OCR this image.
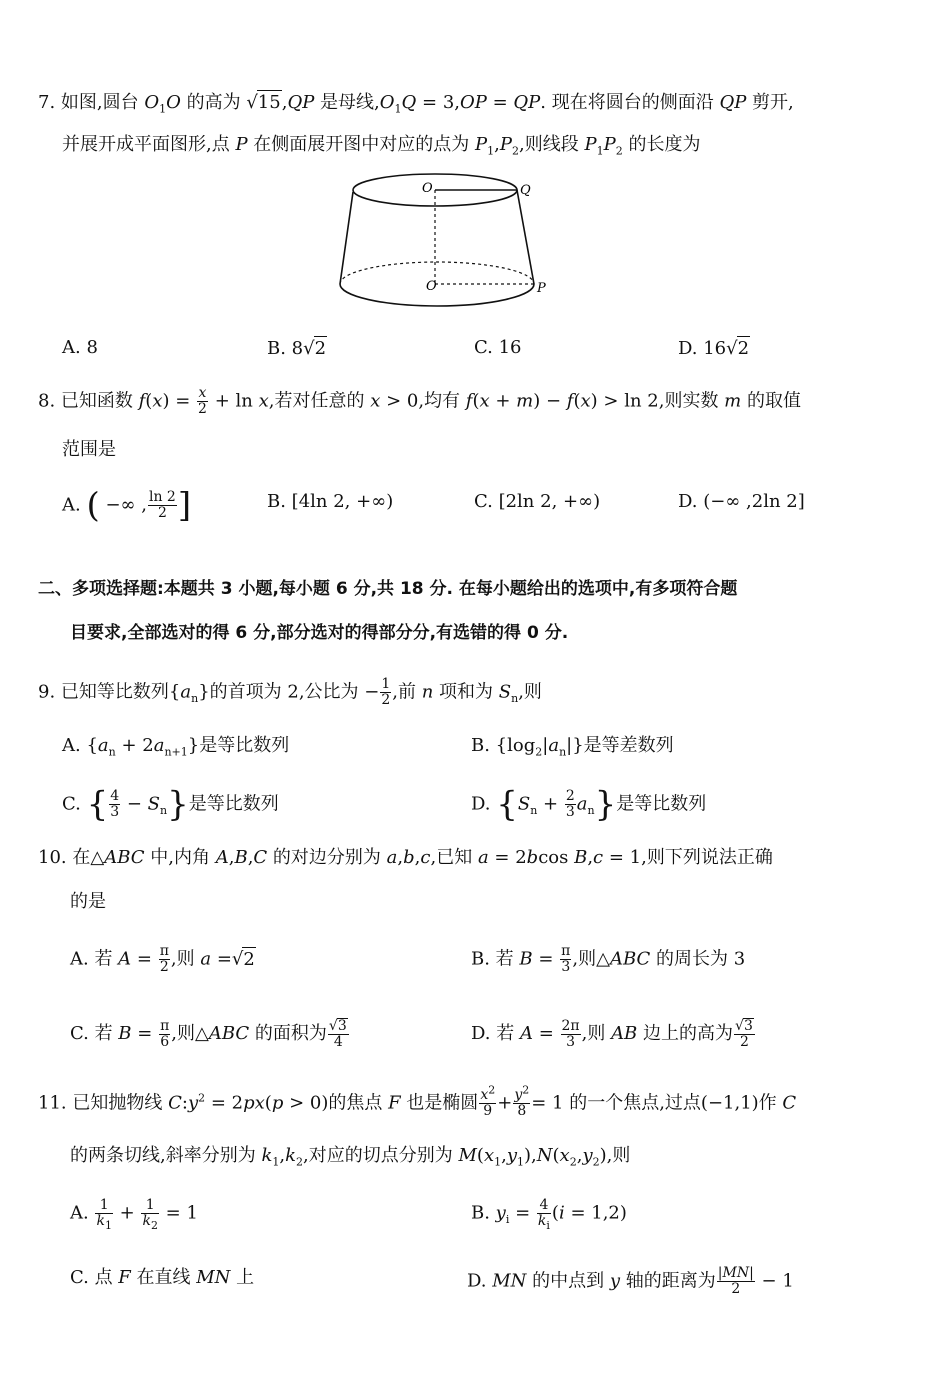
7. 如图,圆台 $O_1O$ 的高为 √15,QP 是母线$,O_1Q = 3,OP$ = QP. 现在将圆台的侧面沿 QP 剪开,
并展开成平面图形,点 P 在侧面展开图中对应的点为 $P_1,P_2$,则线段 $P_1P_2$ 的长度为
O	Q
O	P
A. 8	B. 8√2	C. 16	D. 16√2
8. 已知函数 $f(x) = \frac{x}{2} + \ln x$,若对任意的 x > 0,均有 f(x + m) − f(x) > ln 2,则实数 m 的取值
范围是
A. ( −∞ , $\frac{\ln 2}{2}$ ]	B. [4ln 2, +∞)	C. [2ln 2, +∞)	D. (−∞ ,2ln 2]
二、多项选择题:本题共 3 小题,每小题 6 分,共 18 分. 在每小题给出的选项中,有多项符合题
目要求,全部选对的得 6 分,部分选对的得部分分,有选错的得 0 分.
9. 已知等比数列$\{a_n\}$的首项为 2,公比为 − $\frac{1}{2}$ ,前 n 项和为 $S_n$,则
A. $\{a_n + 2a_{n+1}\}$是等比数列	B. $\{\log_2|a_n|\}$是等差数列
C. { $\frac{4}{3} - S_n$}是等比数列	D. $\{S_n + \frac{2}{3} a_n\}$是等比数列
10. 在△ABC 中,内角 A,B,C 的对边分别为 a,b,c,已知 a = 2bcos B,c = 1,则下列说法正确
的是
A. 若 $A = \frac{\pi}{2}$ ,则 a =√2	B. 若 $B = \frac{\pi}{3}$ ,则△ABC 的周长为 3
C. 若 $B = \frac{\pi}{6}$ ,则△ABC 的面积为 $\frac{√3}{4}$	D. 若 $A = \frac{2\pi}{3}$ ,则 AB 边上的高为 $\frac{√3}{2}$
11. 已知抛物线 $C:y^2 = 2px(p > 0)$的焦点 F 也是椭圆 $\frac{x^2}{9} + \frac{y^2}{8} = 1$ 的一个焦点,过点(−1,1)作 C
的两条切线,斜率分别为 $k_1,k_2$,对应的切点分别为 $M(x_1,y_1),N(x_2,y_2)$,则
A. $\frac{1}{k_1} + \frac{1}{k_2} = 1$	B. $y_i = \frac{4}{k_i} (i = 1,2)$
C. 点 F 在直线 MN 上	D. MN 的中点到 y 轴的距离为 $\frac{|MN|}{2} - 1$
